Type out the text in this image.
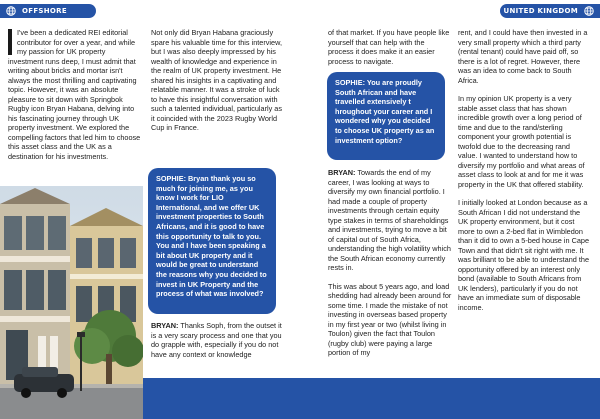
OFFSHORE	UNITED KINGDOM

I've been a dedicated REI editorial contributor for over a year, and while my passion for UK property investment runs deep, I must admit that writing about bricks and mortar isn't always the most thrilling and captivating topic. However, it was an absolute pleasure to sit down with Springbok Rugby icon Bryan Habana, delving into his fascinating journey through UK property investment. We explored the compelling factors that led him to choose this asset class and the UK as a destination for his investments.

Not only did Bryan Habana graciously spare his valuable time for this interview, but I was also deeply impressed by his wealth of knowledge and experience in the realm of UK property investment. He shared his insights in a captivating and relatable manner. It was a stroke of luck to have this insightful conversation with such a talented individual, particularly as it coincided with the 2023 Rugby World Cup in France.

SOPHIE: Bryan thank you so much for joining me, as you know I work for LIO International, and we offer UK investment properties to South Africans, and it is good to have this opportunity to talk to you. You and I have been speaking a bit about UK property and it would be great to understand the reasons why you decided to invest in UK Property and the process of what was involved?

BRYAN: Thanks Soph, from the outset it is a very scary process and one that you do grapple with, especially if you do not have any context or knowledge

of that market. If you have people like yourself that can help with the process it does make it an easier process to navigate.

SOPHIE: You are proudly South African and have travelled extensively t hroughout your career and I wondered why you decided to choose UK property as an investment option?

BRYAN: Towards the end of my career, I was looking at ways to diversify my own financial portfolio. I had made a couple of property investments through certain equity type stakes in terms of shareholdings and investments, trying to move a bit of capital out of South Africa, understanding the high volatility which the South African economy currently rests in.

This was about 5 years ago, and load shedding had already been around for some time. I made the mistake of not investing in overseas based property in my first year or two (whilst living in Toulon) given the fact that Toulon (rugby club) were paying a large portion of my

rent, and I could have then invested in a very small property which a third party (rental tenant) could have paid off, so there is a lot of regret. However, there was an idea to come back to South Africa.

In my opinion UK property is a very stable asset class that has shown incredible growth over a long period of time and due to the rand/sterling component your growth potential is twofold due to the decreasing rand value. I wanted to understand how to diversify my portfolio and what areas of asset class to look at and for me it was property in the UK that offered stability.

I initially looked at London because as a South African I did not understand the UK property environment, but it cost more to own a 2-bed flat in Wimbledon than it did to own a 5-bed house in Cape Town and that didn't sit right with me. It was brilliant to be able to understand the opportunity offered by an interest only bond (available to South Africans from UK lenders), particularly if you do not have an immediate sum of disposable income.
